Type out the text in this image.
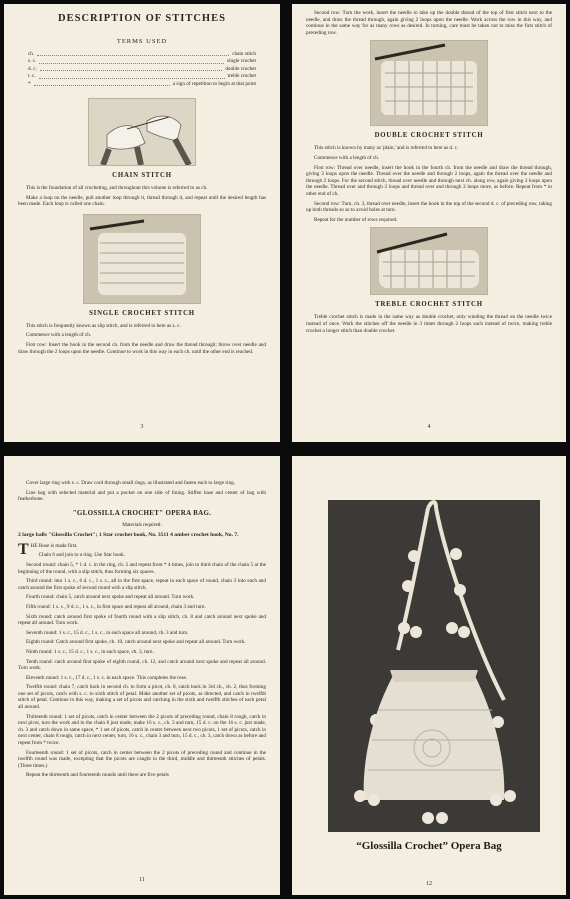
DESCRIPTION OF STITCHES
TERMS USED
ch.	chain stitch
s. c.	single crochet
d. c.	double crochet
t. c.	treble crochet
*	a sign of repetition to begin at that point
CHAIN STITCH

This is the foundation of all crocheting, and throughout this volume is referred to as ch.

Make a loop on the needle, pull another loop through it, thread through it, and repeat until the desired length has been made. Each loop is called one chain.

SINGLE CROCHET STITCH

This stitch is frequently known as slip stitch, and is referred to here as s. c.

Commence with a length of ch.

First row: Insert the hook in the second ch. from the needle and draw the thread through; throw over needle and draw through the 2 loops upon the needle. Continue to work in this way in each ch. until the other end is reached.

3

Second row: Turn the work, insert the needle to take up the double thread of the top of first stitch next to the needle, and draw the thread through, again giving 2 loops upon the needle. Work across the row in this way, and continue in the same way for as many rows as desired. In turning, care must be taken not to miss the first stitch of preceding row.

DOUBLE CROCHET STITCH

This stitch is known by many as 'plain,' and is referred to here as d. c.

Commence with a length of ch.

First row: Thread over needle, insert the hook in the fourth ch. from the needle and draw the thread through, giving 3 loops upon the needle. Thread over the needle and through 2 loops, again the thread over the needle and through 2 loops. For the second stitch, thread over needle and through next ch. along row, again giving 3 loops upon the needle. Thread over and through 2 loops and thread over and through 2 loops more, as before. Repeat from * to other end of ch.

Second row: Turn, ch. 3, thread over needle, insert the hook in the top of the second d. c. of preceding row, taking up both threads so as to avoid holes at turn.

Repeat for the number of rows required.

TREBLE CROCHET STITCH

Treble crochet stitch is made in the same way as double crochet, only winding the thread on the needle twice instead of once. Work the stitches off the needle in 3 times through 2 loops each instead of twice, making treble crochet a longer stitch than double crochet.

4

Cover large ring with s. c. Draw cord through small rings, as illustrated and fasten each to large ring.

Line bag with selected material and put a pocket on one side of lining. Stiffen base and center of bag with featherbone.

"GLOSSILLA CROCHET" OPERA BAG.
Materials required:
2 large balls "Glossilla Crochet"; 1 Star crochet book, No. 3511 4 amber crochet hook, No. 7.

THE Rose is made first.

Chain 6 and join to a ring. Use Star hook.

Second round: chain 5, * 1 d. c. in the ring, ch. 2 and repeat from * 4 times, join to third chain of the chain 5 at the beginning of the round, with a slip stitch, thus forming six spaces.

Third round: into 1 s. c., 6 d. c., 1 s. c., all in the first space, repeat in each space of round, chain 3 into each and catch around the first spoke of second round with a slip stitch.

Fourth round: chain 5, catch around next spoke and repeat all around. Turn work.

Fifth round: 1 s. c., 9 d. c., 1 s. c., in first space and repeat all around, chain 3 and turn.

Sixth round: catch around first spoke of fourth round with a slip stitch, ch. 8 and catch around next spoke and repeat all around. Turn work.

Seventh round: 1 s. c., 15 d. c., 1 s. c., in each space all around, ch. 3 and turn.

Eighth round: Catch around first spoke, ch. 10, catch around next spoke and repeat all around. Turn work.

Ninth round: 1 s. c., 15 d. c., 1 s. c., in each space, ch. 3, turn.

Tenth round: catch around first spoke of eighth round, ch. 12, and catch around next spoke and repeat all around. Turn work.

Eleventh round: 1 s. c., 17 d. c., 1 s. c. in each space. This completes the rose.

Twelfth round: chain 7, catch back in second ch. to form a picot, ch. 8, catch back in 3rd ch., ch. 2, thus forming one set of picots, catch with s. c. to sixth stitch of petal. Make another set of picots, as directed, and catch in twelfth stitch of petal. Continue in this way, making a set of picots and catching in the sixth and twelfth stitches of each petal all around.

Thirteenth round: 1 set of picots, catch in center between the 2 picots of preceding round, chain 8 rough, catch in next picot, turn the work and in the chain 8 just made, make 16 s. c., ch. 3 and turn, 15 d. c. on the 16 s. c. just made, ch. 3 and catch down in same space, * 1 set of picots, catch in center between next two picots, 1 set of picots, catch in next center, chain 8 rough, catch in next center, turn, 16 s. c., chain 3 and turn, 15 d. c., ch. 3, catch down as before and repeat from * twice.

Fourteenth round: 1 set of picots, catch in center between the 2 picots of preceding round and continue in the twelfth round was made, excepting that the picots are caught in the third, middle and thirteenth stitches of petals. (Three times.)

Repeat the thirteenth and fourteenth rounds until there are five petals

11
“Glossilla Crochet” Opera Bag
12
